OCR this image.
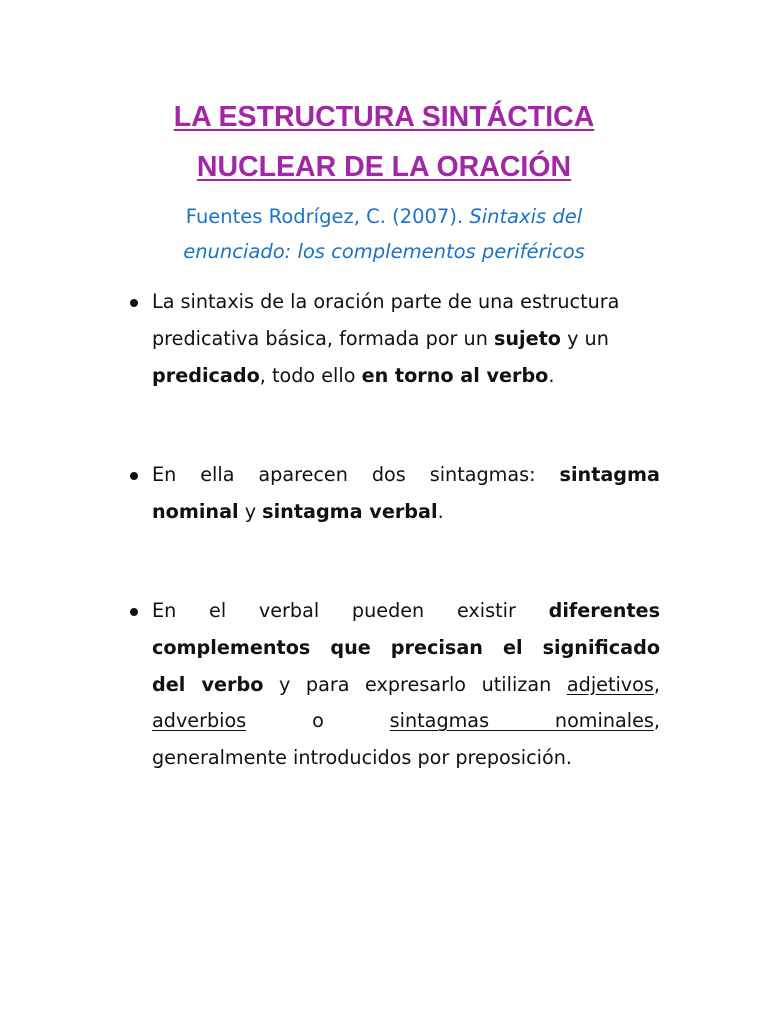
LA ESTRUCTURA SINTÁCTICA
NUCLEAR DE LA ORACIÓN

Fuentes Rodrígez, C. (2007). Sintaxis del
enunciado: los complementos periféricos

La sintaxis de la oración parte de una estructura
predicativa básica, formada por un sujeto y un
predicado, todo ello en torno al verbo.
En ella aparecen dos sintagmas: sintagma
nominal y sintagma verbal.
En el verbal pueden existir diferentes
complementos que precisan el significado
del verbo y para expresarlo utilizan adjetivos,
adverbios o sintagmas nominales,
generalmente introducidos por preposición.
